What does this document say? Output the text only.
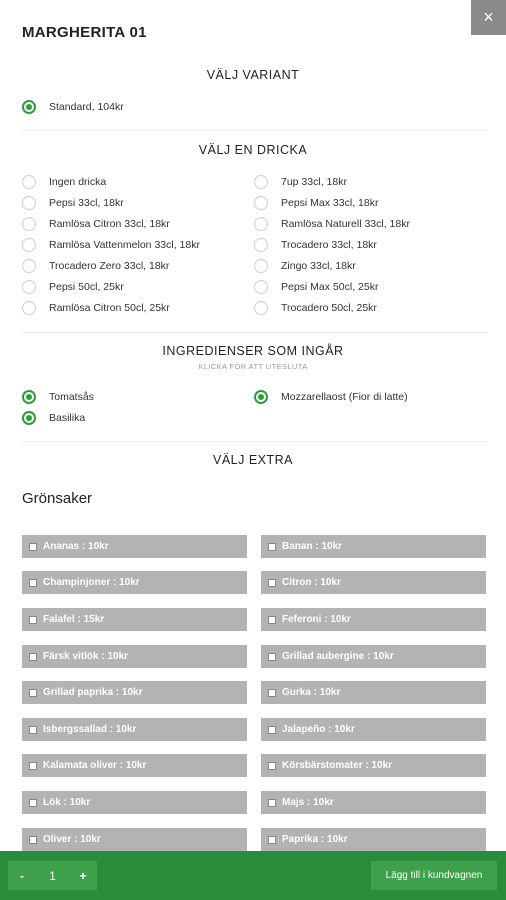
×
MARGHERITA 01
VÄLJ VARIANT
Standard, 104kr
VÄLJ EN DRICKA
Ingen dricka	7up 33cl, 18kr
Pepsi 33cl, 18kr	Pepsi Max 33cl, 18kr
Ramlösa Citron 33cl, 18kr	Ramlösa Naturell 33cl, 18kr
Ramlösa Vattenmelon 33cl, 18kr	Trocadero 33cl, 18kr
Trocadero Zero 33cl, 18kr	Zingo 33cl, 18kr
Pepsi 50cl, 25kr	Pepsi Max 50cl, 25kr
Ramlösa Citron 50cl, 25kr	Trocadero 50cl, 25kr
INGREDIENSER SOM INGÅR
KLICKA FÖR ATT UTESLUTA
Tomatsås	Mozzarellaost (Fior di latte)
Basilika
VÄLJ EXTRA
Grönsaker
Ananas : 10kr	Banan : 10kr
Champinjoner : 10kr	Citron : 10kr
Falafel : 15kr	Feferoni : 10kr
Färsk vitlök : 10kr	Grillad aubergine : 10kr
Grillad paprika : 10kr	Gurka : 10kr
Isbergssallad : 10kr	Jalapeño : 10kr
Kalamata oliver : 10kr	Körsbärstomater : 10kr
Lök : 10kr	Majs : 10kr
Oliver : 10kr	Paprika : 10kr
-	1	+	Lägg till i kundvagnen
